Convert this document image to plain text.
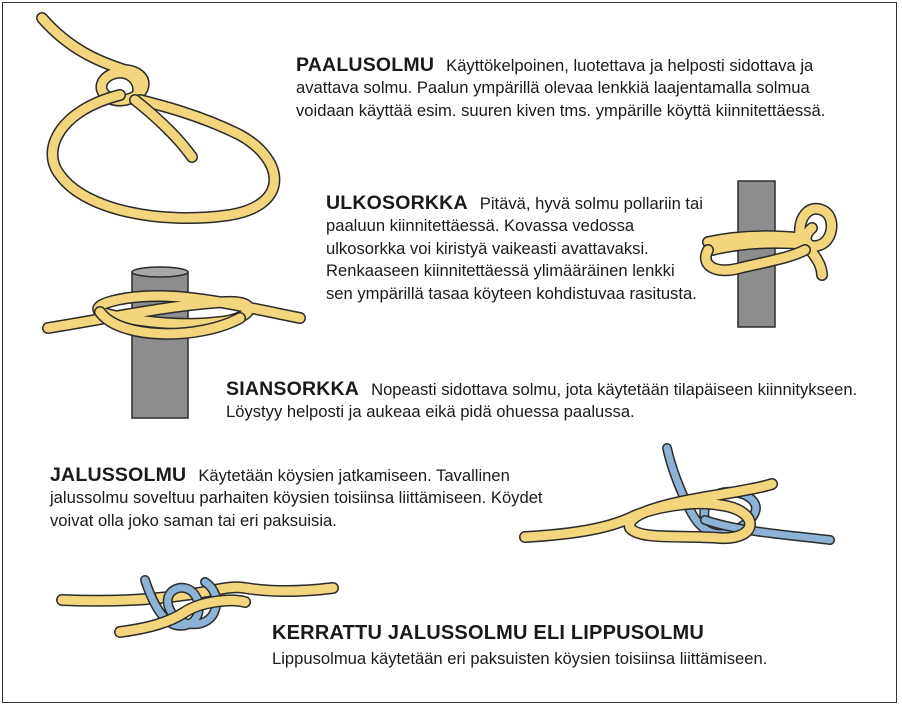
PAALUSOLMU Käyttökelpoinen, luotettava ja helposti sidottava ja avattava solmu. Paalun ympärillä olevaa lenkkiä laajentamalla solmua voidaan käyttää esim. suuren kiven tms. ympärille köyttä kiinnitettäessä.
ULKOSORKKA Pitävä, hyvä solmu pollariin tai paaluun kiinnitettäessä. Kovassa vedossa ulkosorkka voi kiristyä vaikeasti avattavaksi. Renkaaseen kiinnitettäessä ylimääräinen lenkki sen ympärillä tasaa köyteen kohdistuvaa rasitusta.
SIANSORKKA Nopeasti sidottava solmu, jota käytetään tilapäiseen kiinnitykseen. Löystyy helposti ja aukeaa eikä pidä ohuessa paalussa.
JALUSSOLMU Käytetään köysien jatkamiseen. Tavallinen jalussolmu soveltuu parhaiten köysien toisiinsa liittämiseen. Köydet voivat olla joko saman tai eri paksuisia.
KERRATTU JALUSSOLMU ELI LIPPUSOLMU
Lippusolmua käytetään eri paksuisten köysien toisiinsa liittämiseen.
